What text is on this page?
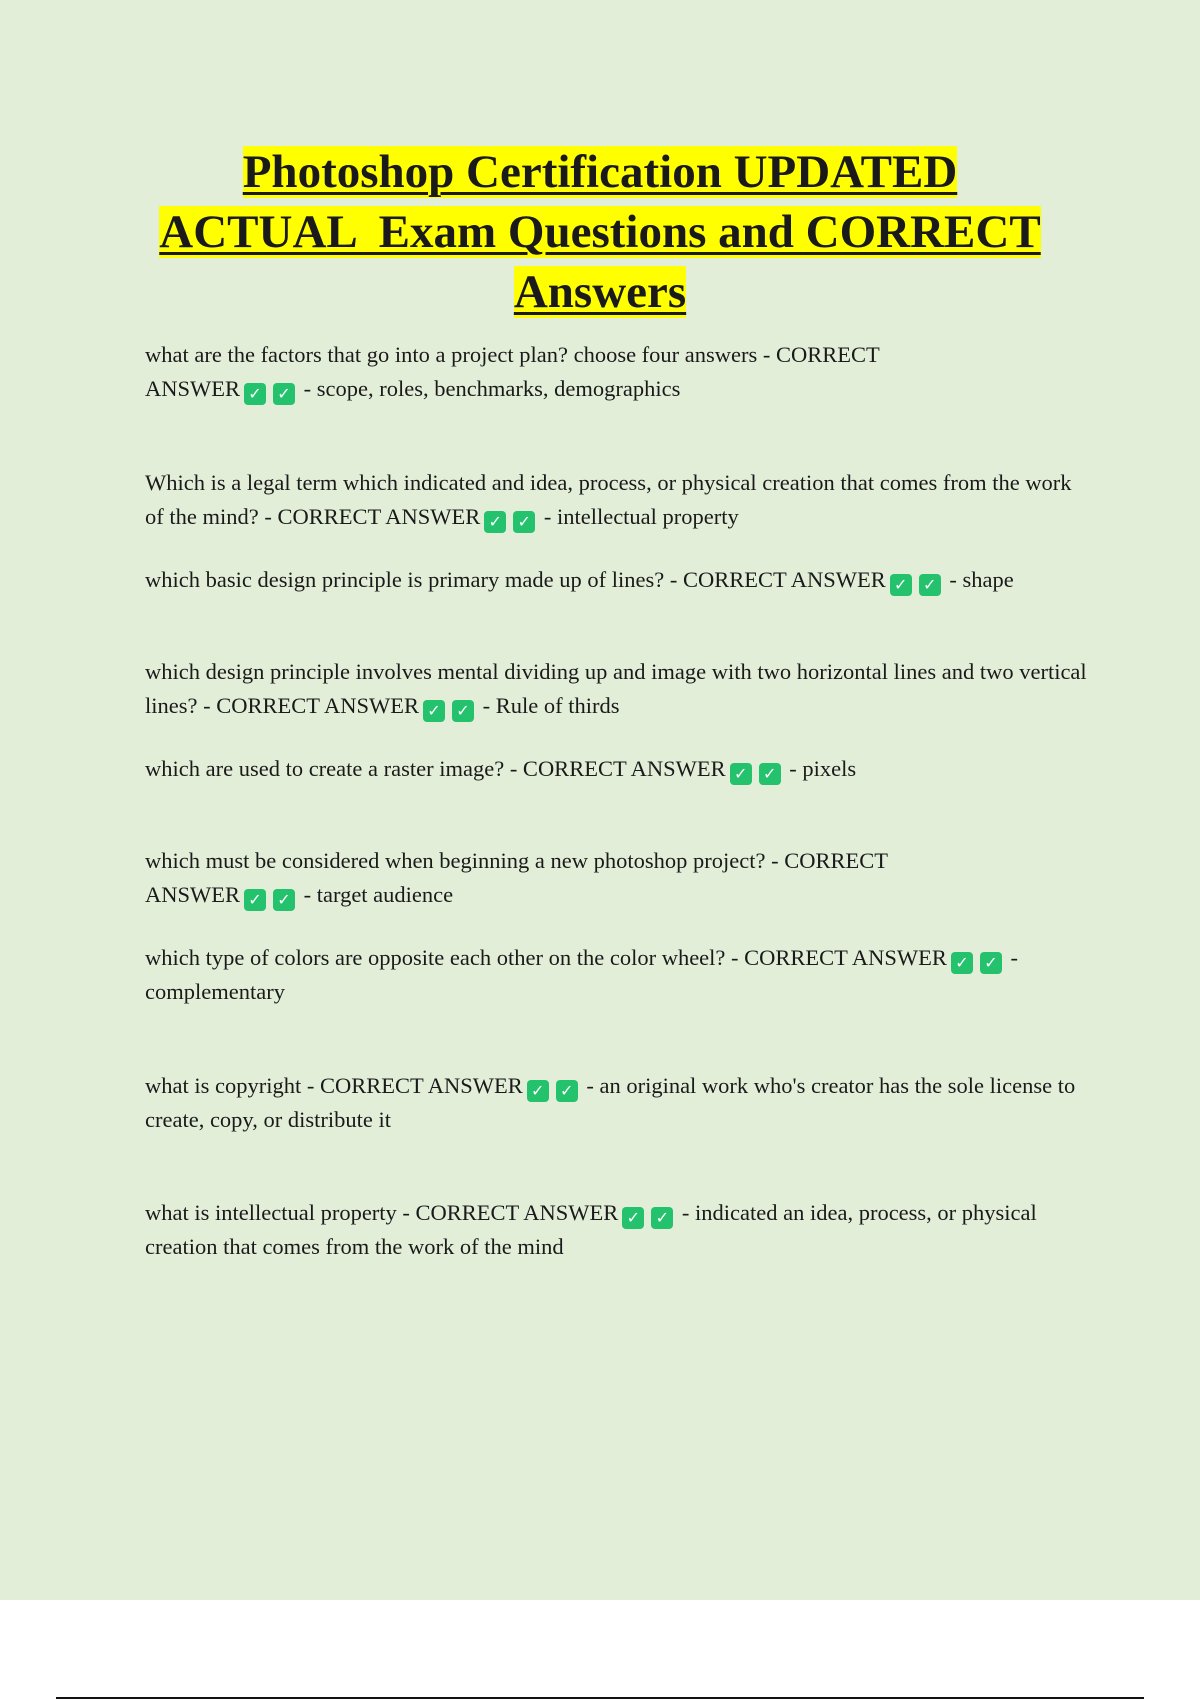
Photoshop Certification UPDATED
ACTUAL  Exam Questions and CORRECT
Answers
what are the factors that go into a project plan? choose four answers - CORRECT ANSWER ✓ ✓ - scope, roles, benchmarks, demographics
Which is a legal term which indicated and idea, process, or physical creation that comes from the work of the mind? - CORRECT ANSWER ✓ ✓ - intellectual property
which basic design principle is primary made up of lines? - CORRECT ANSWER ✓ ✓ - shape
which design principle involves mental dividing up and image with two horizontal lines and two vertical lines? - CORRECT ANSWER ✓ ✓ - Rule of thirds
which are used to create a raster image? - CORRECT ANSWER ✓ ✓ - pixels
which must be considered when beginning a new photoshop project? - CORRECT ANSWER ✓ ✓ - target audience
which type of colors are opposite each other on the color wheel? - CORRECT ANSWER ✓ ✓ - complementary
what is copyright - CORRECT ANSWER ✓ ✓ - an original work who's creator has the sole license to create, copy, or distribute it
what is intellectual property - CORRECT ANSWER ✓ ✓ - indicated an idea, process, or physical creation that comes from the work of the mind
